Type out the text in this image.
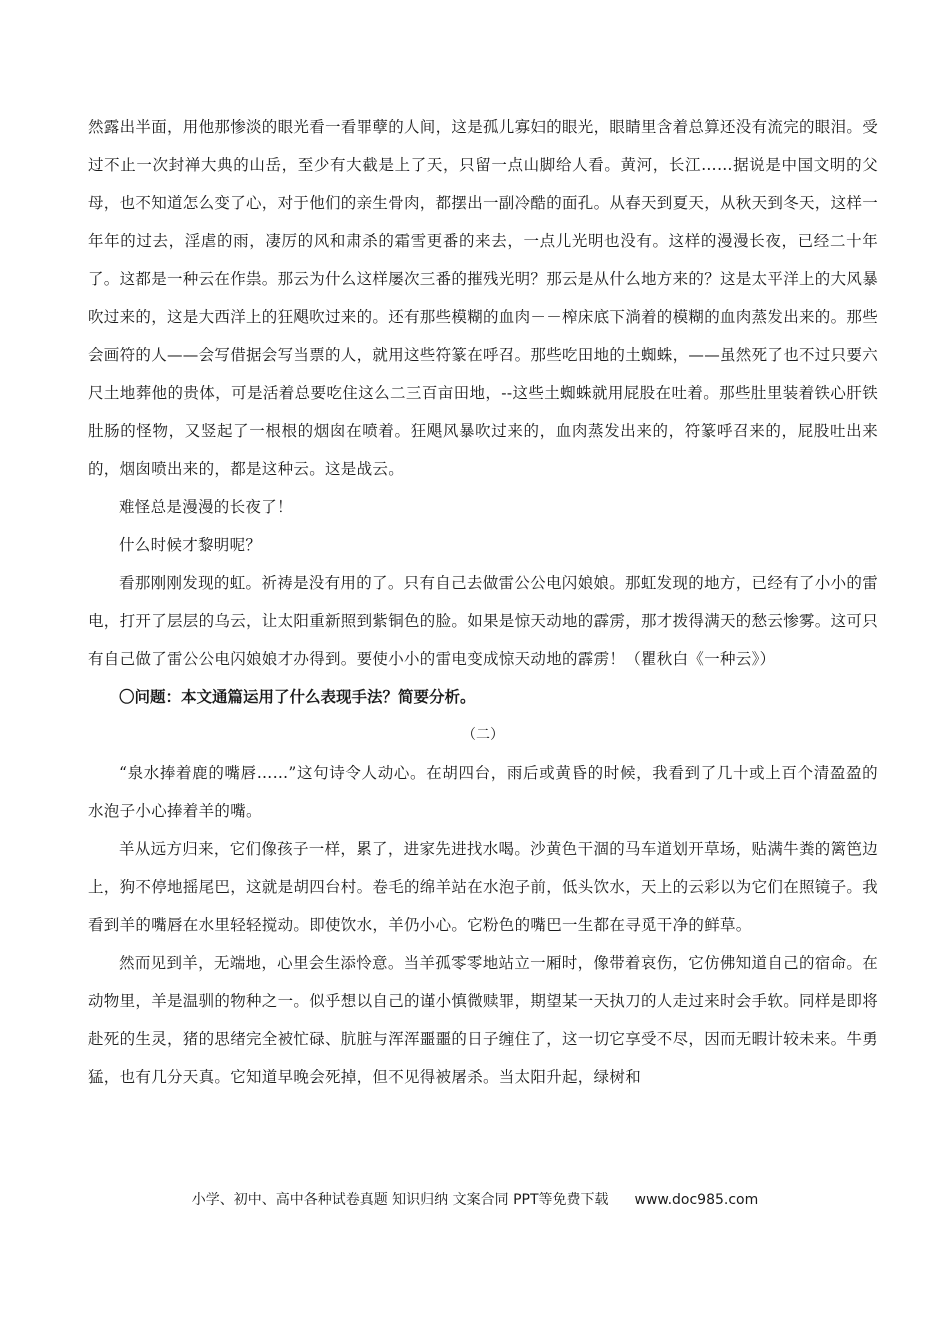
然露出半面，用他那惨淡的眼光看一看罪孽的人间，这是孤儿寡妇的眼光，眼睛里含着总算还没有流完的眼泪。受过不止一次封禅大典的山岳，至少有大截是上了天，只留一点山脚给人看。黄河，长江……据说是中国文明的父母，也不知道怎么变了心，对于他们的亲生骨肉，都摆出一副冷酷的面孔。从春天到夏天，从秋天到冬天，这样一年年的过去，淫虐的雨，凄厉的风和肃杀的霜雪更番的来去，一点儿光明也没有。这样的漫漫长夜，已经二十年了。这都是一种云在作祟。那云为什么这样屡次三番的摧残光明？那云是从什么地方来的？这是太平洋上的大风暴吹过来的，这是大西洋上的狂飓吹过来的。还有那些模糊的血肉－－榨床底下淌着的模糊的血肉蒸发出来的。那些会画符的人——会写借据会写当票的人，就用这些符篆在呼召。那些吃田地的土蜘蛛，——虽然死了也不过只要六尺土地葬他的贵体，可是活着总要吃住这么二三百亩田地，--这些土蜘蛛就用屁股在吐着。那些肚里装着铁心肝铁肚肠的怪物，又竖起了一根根的烟囱在喷着。狂飓风暴吹过来的，血肉蒸发出来的，符篆呼召来的，屁股吐出来的，烟囱喷出来的，都是这种云。这是战云。

难怪总是漫漫的长夜了！

什么时候才黎明呢？

看那刚刚发现的虹。祈祷是没有用的了。只有自己去做雷公公电闪娘娘。那虹发现的地方，已经有了小小的雷电，打开了层层的乌云，让太阳重新照到紫铜色的脸。如果是惊天动地的霹雳，那才拨得满天的愁云惨雾。这可只有自己做了雷公公电闪娘娘才办得到。要使小小的雷电变成惊天动地的霹雳！（瞿秋白《一种云》）

〇问题：本文通篇运用了什么表现手法？简要分析。

（二）

“泉水捧着鹿的嘴唇……”这句诗令人动心。在胡四台，雨后或黄昏的时候，我看到了几十或上百个清盈盈的水泡子小心捧着羊的嘴。

羊从远方归来，它们像孩子一样，累了，进家先进找水喝。沙黄色干涸的马车道划开草场，贴满牛粪的篱笆边上，狗不停地摇尾巴，这就是胡四台村。卷毛的绵羊站在水泡子前，低头饮水，天上的云彩以为它们在照镜子。我看到羊的嘴唇在水里轻轻搅动。即使饮水，羊仍小心。它粉色的嘴巴一生都在寻觅干净的鲜草。

然而见到羊，无端地，心里会生添怜意。当羊孤零零地站立一厢时，像带着哀伤，它仿佛知道自己的宿命。在动物里，羊是温驯的物种之一。似乎想以自己的谨小慎微赎罪，期望某一天执刀的人走过来时会手软。同样是即将赴死的生灵，猪的思绪完全被忙碌、肮脏与浑浑噩噩的日子缠住了，这一切它享受不尽，因而无暇计较未来。牛勇猛，也有几分天真。它知道早晚会死掉，但不见得被屠杀。当太阳升起，绿树和

小学、初中、高中各种试卷真题 知识归纳 文案合同 PPT等免费下载 www.doc985.com
